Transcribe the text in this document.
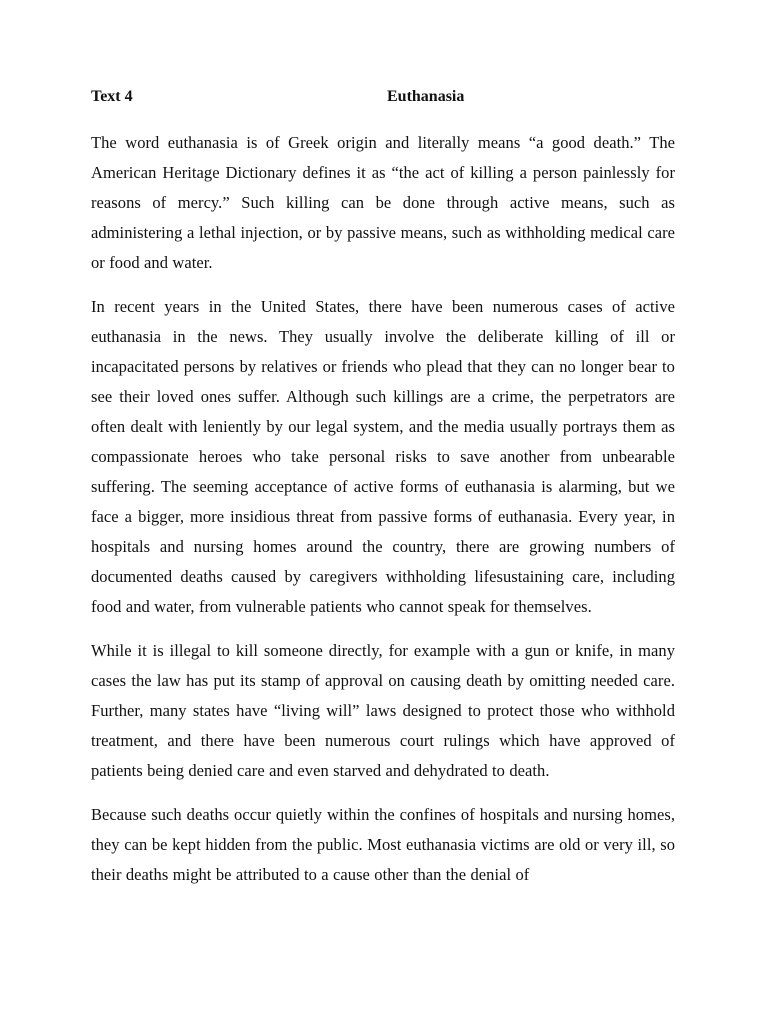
Text 4	Euthanasia

The word euthanasia is of Greek origin and literally means “a good death.” The American Heritage Dictionary defines it as “the act of killing a person painlessly for reasons of mercy.” Such killing can be done through active means, such as administering a lethal injection, or by passive means, such as withholding medical care or food and water.

In recent years in the United States, there have been numerous cases of active euthanasia in the news. They usually involve the deliberate killing of ill or incapacitated persons by relatives or friends who plead that they can no longer bear to see their loved ones suffer. Although such killings are a crime, the perpetrators are often dealt with leniently by our legal system, and the media usually portrays them as compassionate heroes who take personal risks to save another from unbearable suffering. The seeming acceptance of active forms of euthanasia is alarming, but we face a bigger, more insidious threat from passive forms of euthanasia. Every year, in hospitals and nursing homes around the country, there are growing numbers of documented deaths caused by caregivers withholding lifesustaining care, including food and water, from vulnerable patients who cannot speak for themselves.

While it is illegal to kill someone directly, for example with a gun or knife, in many cases the law has put its stamp of approval on causing death by omitting needed care. Further, many states have “living will” laws designed to protect those who withhold treatment, and there have been numerous court rulings which have approved of patients being denied care and even starved and dehydrated to death.

Because such deaths occur quietly within the confines of hospitals and nursing homes, they can be kept hidden from the public. Most euthanasia victims are old or very ill, so their deaths might be attributed to a cause other than the denial of
